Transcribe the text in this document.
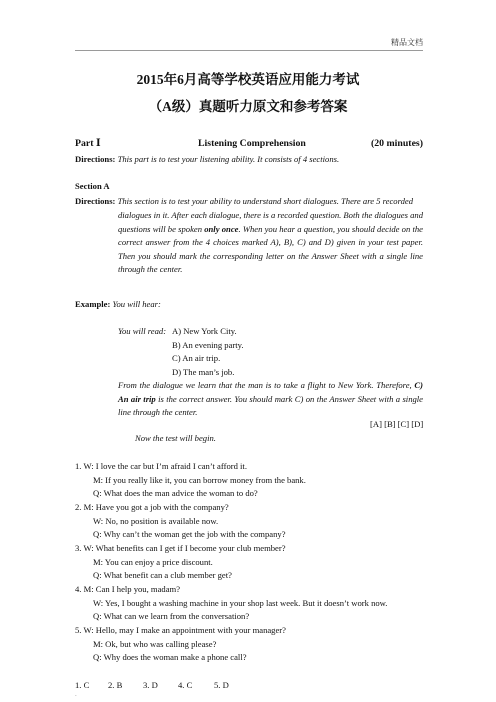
精品文档
2015年6月高等学校英语应用能力考试
（A级）真题听力原文和参考答案
Part Ⅰ	Listening Comprehension	(20 minutes)
Directions: This part is to test your listening ability. It consists of 4 sections.
Section A
Directions: This section is to test your ability to understand short dialogues. There are 5 recorded
dialogues in it. After each dialogue, there is a recorded question. Both the dialogues and questions will be spoken only once. When you hear a question, you should decide on the correct answer from the 4 choices marked A), B), C) and D) given in your test paper. Then you should mark the corresponding letter on the Answer Sheet with a single line through the center.
Example: You will hear:
You will read: A) New York City.
B) An evening party.
C) An air trip.
D) The man’s job.
From the dialogue we learn that the man is to take a flight to New York. Therefore, C) An air trip is the correct answer. You should mark C) on the Answer Sheet with a single line through the center.
[A] [B] [C] [D]
Now the test will begin.
1. W: I love the car but I’m afraid I can’t afford it.
M: If you really like it, you can borrow money from the bank.
Q: What does the man advice the woman to do?
2. M: Have you got a job with the company?
W: No, no position is available now.
Q: Why can’t the woman get the job with the company?
3. W: What benefits can I get if I become your club member?
M: You can enjoy a price discount.
Q: What benefit can a club member get?
4. M: Can I help you, madam?
W: Yes, I bought a washing machine in your shop last week. But it doesn’t work now.
Q: What can we learn from the conversation?
5. W: Hello, may I make an appointment with your manager?
M: Ok, but who was calling please?
Q: Why does the woman make a phone call?
1. C 2. B 3. D 4. C	5. D
.
